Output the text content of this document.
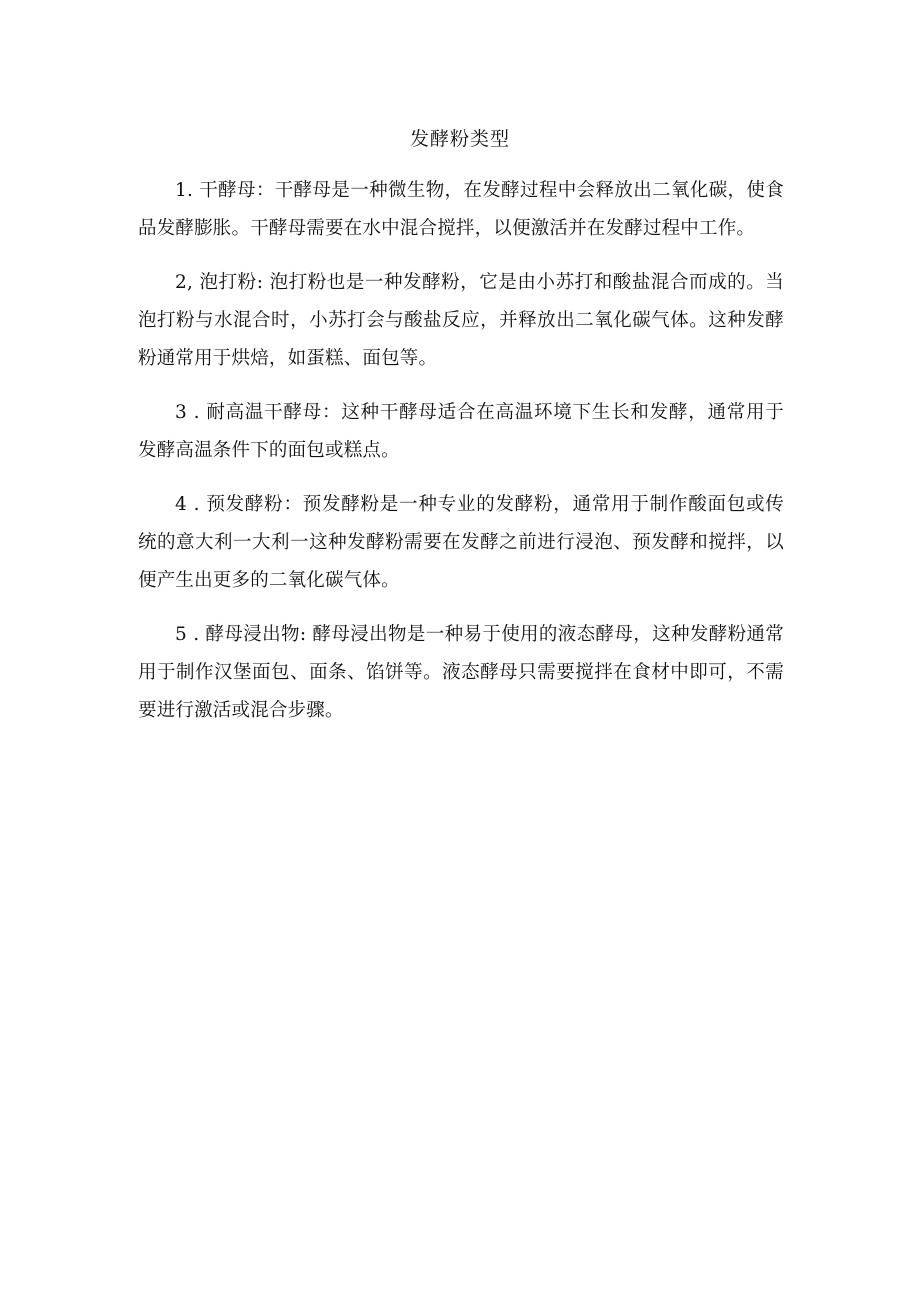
发酵粉类型

1. 干酵母：干酵母是一种微生物，在发酵过程中会释放出二氧化碳，使食品发酵膨胀。干酵母需要在水中混合搅拌，以便激活并在发酵过程中工作。

2, 泡打粉: 泡打粉也是一种发酵粉，它是由小苏打和酸盐混合而成的。当泡打粉与水混合时，小苏打会与酸盐反应，并释放出二氧化碳气体。这种发酵粉通常用于烘焙，如蛋糕、面包等。

3 . 耐高温干酵母：这种干酵母适合在高温环境下生长和发酵，通常用于发酵高温条件下的面包或糕点。

4 . 预发酵粉：预发酵粉是一种专业的发酵粉，通常用于制作酸面包或传统的意大利一大利一这种发酵粉需要在发酵之前进行浸泡、预发酵和搅拌，以便产生出更多的二氧化碳气体。

5 . 酵母浸出物: 酵母浸出物是一种易于使用的液态酵母，这种发酵粉通常用于制作汉堡面包、面条、馅饼等。液态酵母只需要搅拌在食材中即可，不需要进行激活或混合步骤。
